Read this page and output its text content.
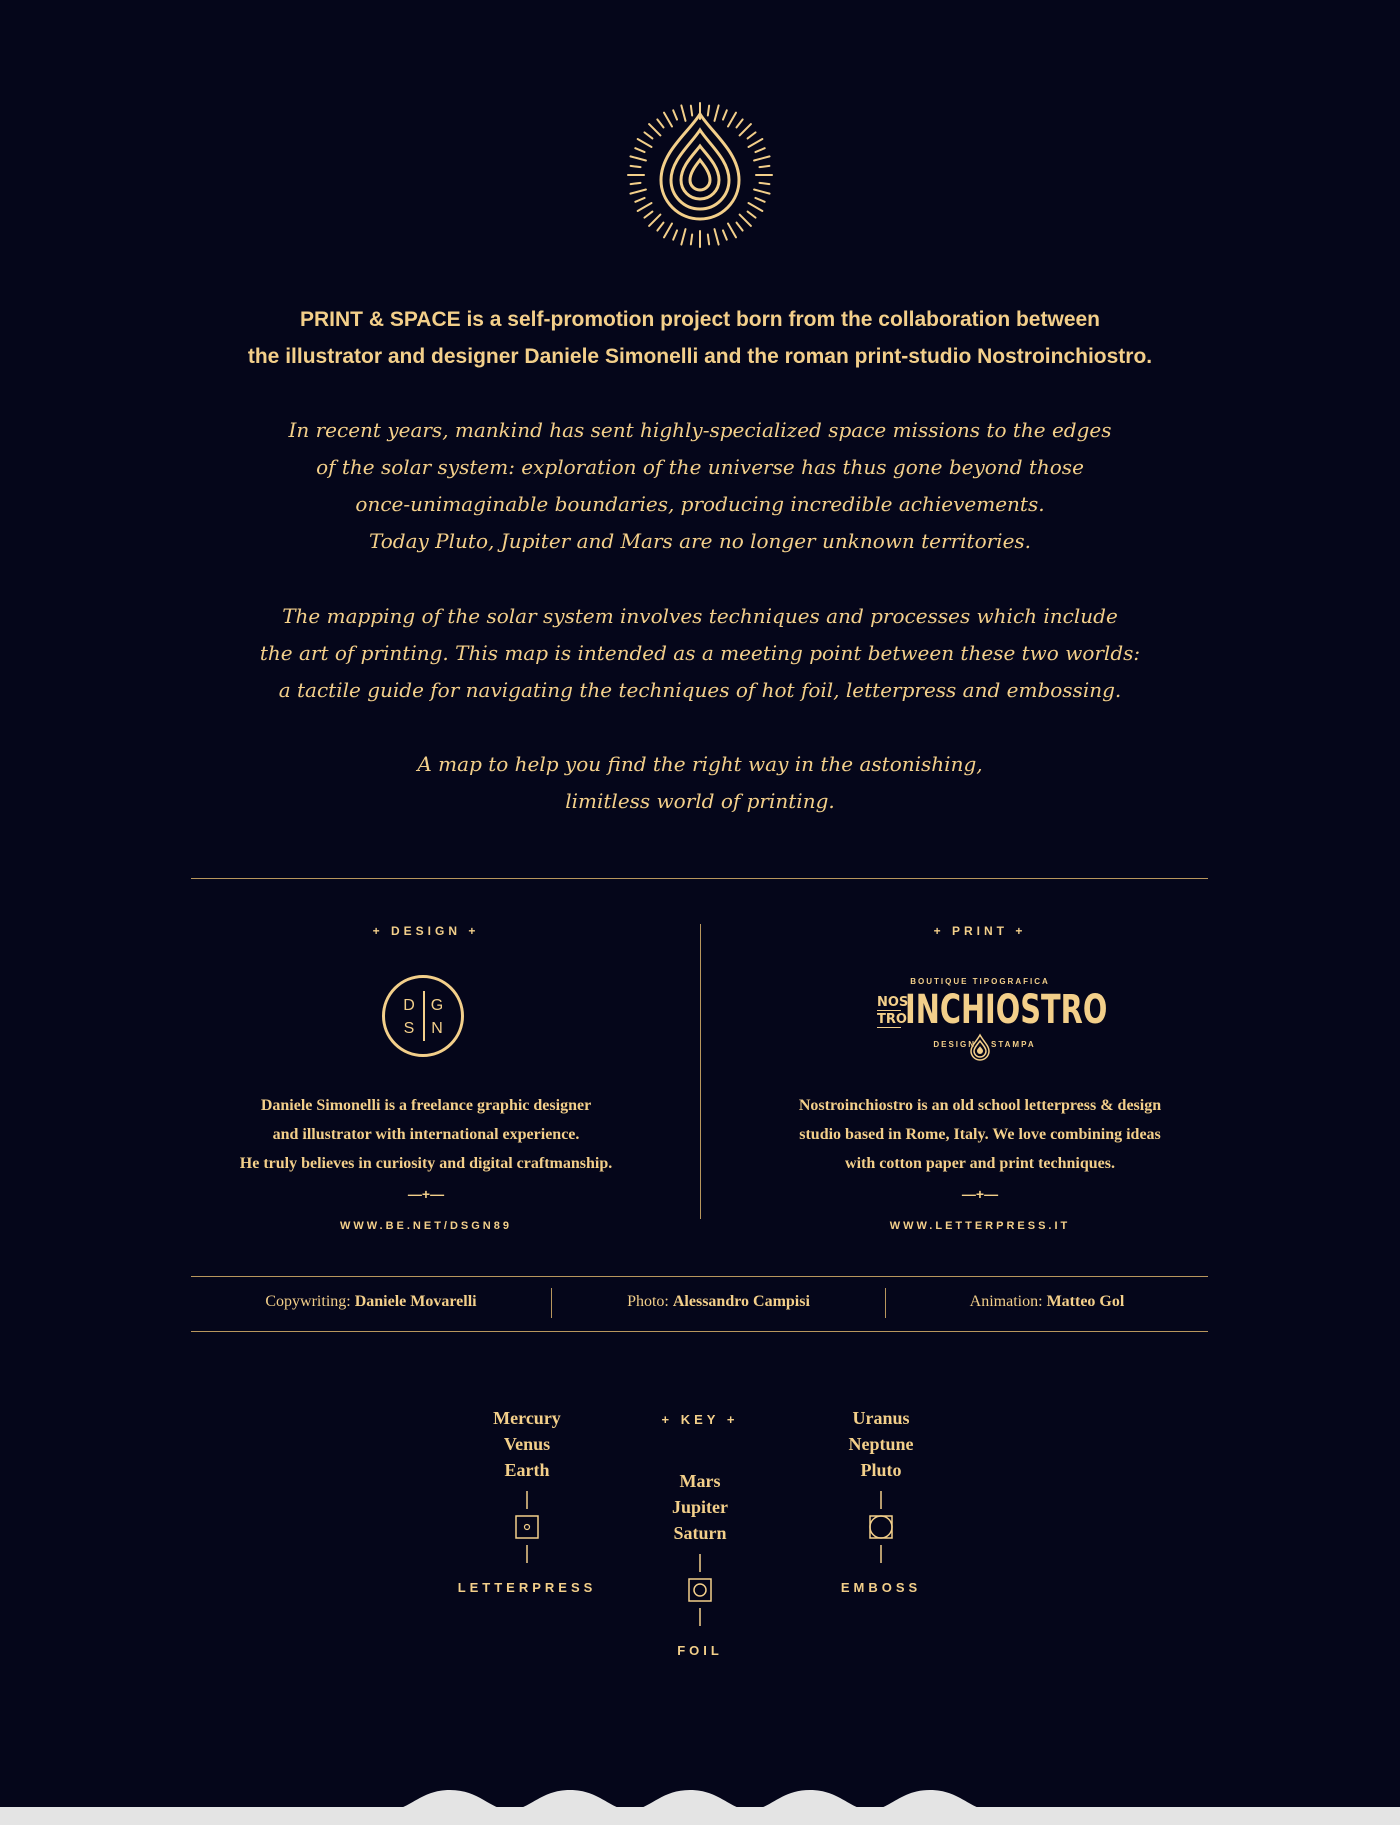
PRINT & SPACE is a self-promotion project born from the collaboration between
the illustrator and designer Daniele Simonelli and the roman print-studio Nostroinchiostro.
In recent years, mankind has sent highly-specialized space missions to the edges
of the solar system: exploration of the universe has thus gone beyond those
once-unimaginable boundaries, producing incredible achievements.
Today Pluto, Jupiter and Mars are no longer unknown territories.
The mapping of the solar system involves techniques and processes which include
the art of printing. This map is intended as a meeting point between these two worlds:
a tactile guide for navigating the techniques of hot foil, letterpress and embossing.
A map to help you find the right way in the astonishing,
limitless world of printing.
+ DESIGN +
D G
S N
Daniele Simonelli is a freelance graphic designer
and illustrator with international experience.
He truly believes in curiosity and digital craftmanship.
—+—
WWW.BE.NET/DSGN89
+ PRINT +
BOUTIQUE TIPOGRAFICA
NOS
TRO
INCHIOSTRO
DESIGN STAMPA
Nostroinchiostro is an old school letterpress & design
studio based in Rome, Italy. We love combining ideas
with cotton paper and print techniques.
—+—
WWW.LETTERPRESS.IT
Copywriting: Daniele Movarelli	Photo: Alessandro Campisi	Animation: Matteo Gol
+ KEY +
Mercury
Venus
Earth
LETTERPRESS
Mars
Jupiter
Saturn
FOIL
Uranus
Neptune
Pluto
EMBOSS
